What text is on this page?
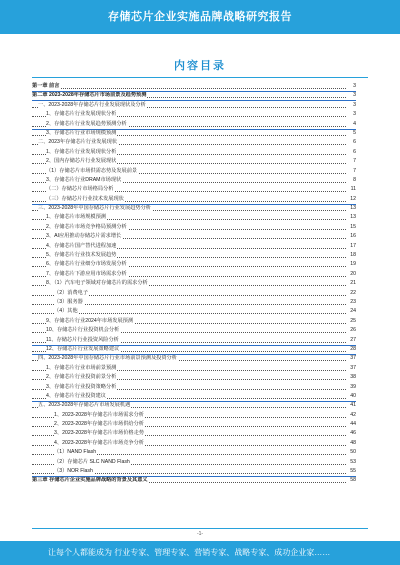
存储芯片企业实施品牌战略研究报告
内容目录
第一章 前言	3
第二章 2023-2028年存储芯片市场前景及趋势预测	3
一、2023-2028年存储芯片行业发展现状及分析	3
1、存储芯片行业发展现状分析	3
2、存储芯片行业发展趋势预测分析	4
3、存储芯片行业市场规模预测	5
二、2023年存储芯片行业发展现状	6
1、存储芯片行业发展现状分析	6
2、国内存储芯片行业发展现状	7
（1）存储芯片市场供需态势及发展前景	7
3、存储芯片行业DRAM市场现状	8
（二）存储芯片市场格局分析	11
（三）存储芯片行业技术发展现状	12
三、2023-2028年中国存储芯片行业发展趋势分析	13
1、存储芯片市场规模预测	13
2、存储芯片市场竞争格局预测分析	15
3、AI应用推动存储芯片需求增长	16
4、存储芯片国产替代进程加速	17
5、存储芯片行业技术发展趋势	18
6、存储芯片行业细分市场发展分析	19
7、存储芯片下游应用市场需求分析	20
8、（1）汽车电子领域对存储芯片的需求分析	21
（2）消费电子	22
（3）服务器	23
（4）其他	24
9、存储芯片行业2024年市场发展预测	25
10、存储芯片行业投资机会分析	26
11、存储芯片行业投资风险分析	27
12、存储芯片行业发展策略建议	28
四、2023-2028年中国存储芯片行业市场前景预测及投资分析	37
1、存储芯片行业市场前景预测	37
2、存储芯片行业投资前景分析	38
3、存储芯片行业投资策略分析	39
4、存储芯片行业投资建议	40
五、2023-2028年存储芯片市场发展机遇	41
1、2023-2028年存储芯片市场需求分析	42
2、2023-2028年存储芯片市场供给分析	44
3、2023-2028年存储芯片市场价格走势	46
4、2023-2028年存储芯片市场竞争分析	48
（1）NAND Flash	50
（2）存储芯片 SLC NAND Flash	53
（3）NOR Flash	55
第三章 存储芯片企业实施品牌战略的背景及其意义	58
-1-
让每个人都能成为 行业专家、管理专家、营销专家、战略专家、成功企业家……
